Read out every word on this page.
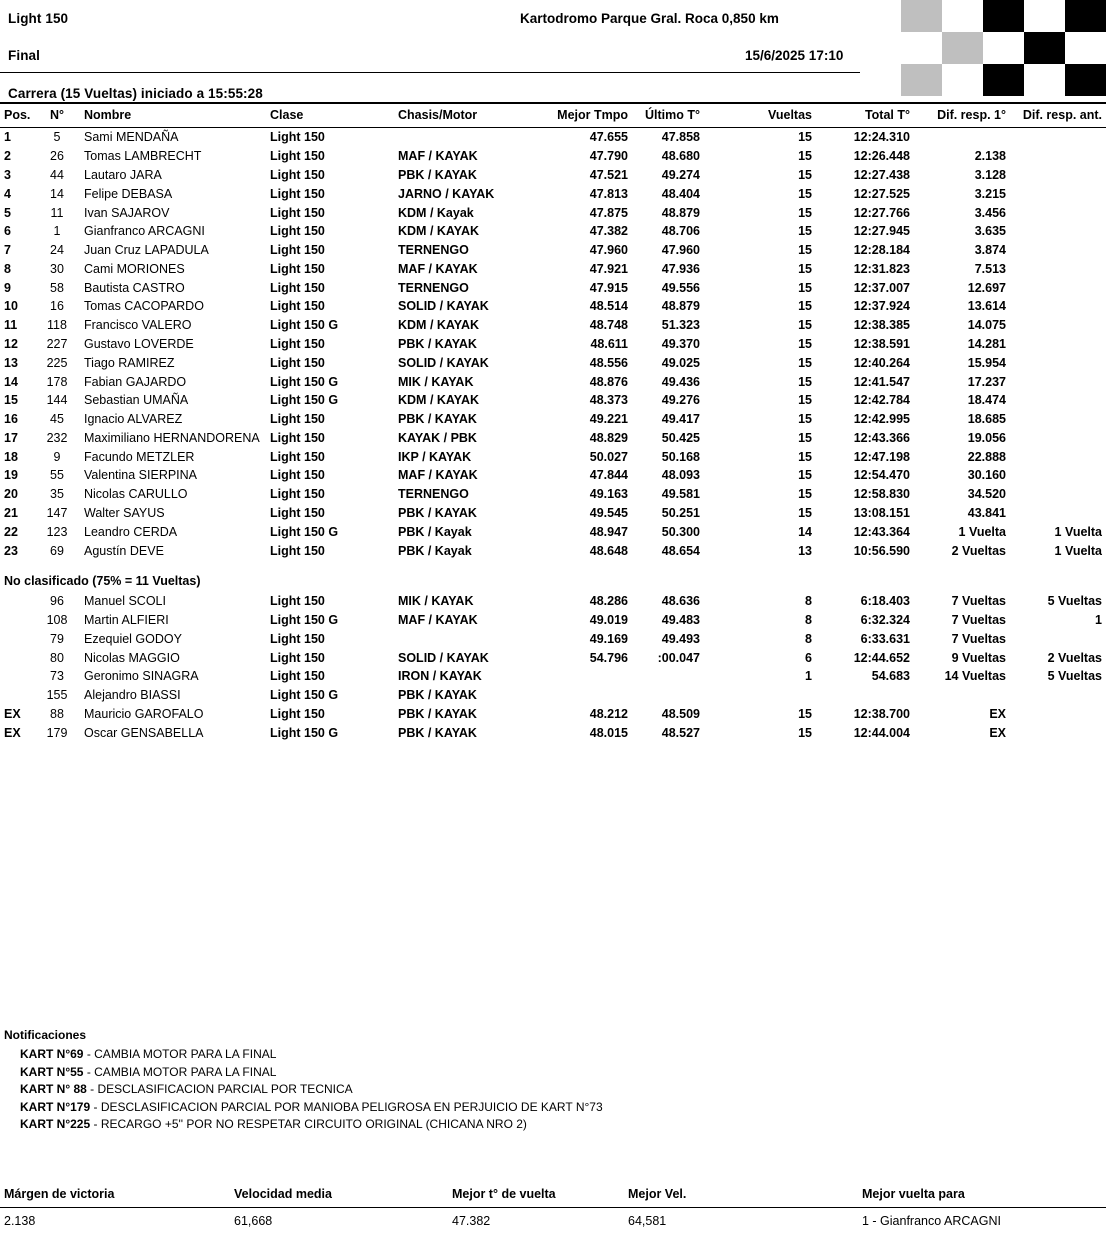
Light 150	Kartodromo Parque Gral. Roca 0,850 km
Final	15/6/2025 17:10
Carrera (15 Vueltas) iniciado a 15:55:28
Pos.	N°	Nombre	Clase	Chasis/Motor	Mejor Tmpo	Último T°	Vueltas	Total T°	Dif. resp. 1°	Dif. resp. ant.
1	5	Sami MENDAÑA	Light 150		47.655	47.858	15	12:24.310		
2	26	Tomas LAMBRECHT	Light 150	MAF / KAYAK	47.790	48.680	15	12:26.448	2.138	
3	44	Lautaro JARA	Light 150	PBK / KAYAK	47.521	49.274	15	12:27.438	3.128	
4	14	Felipe DEBASA	Light 150	JARNO / KAYAK	47.813	48.404	15	12:27.525	3.215	
5	11	Ivan SAJAROV	Light 150	KDM / Kayak	47.875	48.879	15	12:27.766	3.456	
6	1	Gianfranco ARCAGNI	Light 150	KDM / KAYAK	47.382	48.706	15	12:27.945	3.635	
7	24	Juan Cruz LAPADULA	Light 150	TERNENGO	47.960	47.960	15	12:28.184	3.874	
8	30	Cami MORIONES	Light 150	MAF / KAYAK	47.921	47.936	15	12:31.823	7.513	
9	58	Bautista CASTRO	Light 150	TERNENGO	47.915	49.556	15	12:37.007	12.697	
10	16	Tomas CACOPARDO	Light 150	SOLID / KAYAK	48.514	48.879	15	12:37.924	13.614	
11	118	Francisco VALERO	Light 150 G	KDM / KAYAK	48.748	51.323	15	12:38.385	14.075	
12	227	Gustavo LOVERDE	Light 150	PBK / KAYAK	48.611	49.370	15	12:38.591	14.281	
13	225	Tiago RAMIREZ	Light 150	SOLID / KAYAK	48.556	49.025	15	12:40.264	15.954	
14	178	Fabian GAJARDO	Light 150 G	MIK / KAYAK	48.876	49.436	15	12:41.547	17.237	
15	144	Sebastian UMAÑA	Light 150 G	KDM / KAYAK	48.373	49.276	15	12:42.784	18.474	
16	45	Ignacio ALVAREZ	Light 150	PBK / KAYAK	49.221	49.417	15	12:42.995	18.685	
17	232	Maximiliano HERNANDORENA	Light 150	KAYAK / PBK	48.829	50.425	15	12:43.366	19.056	
18	9	Facundo METZLER	Light 150	IKP / KAYAK	50.027	50.168	15	12:47.198	22.888	
19	55	Valentina SIERPINA	Light 150	MAF / KAYAK	47.844	48.093	15	12:54.470	30.160	
20	35	Nicolas CARULLO	Light 150	TERNENGO	49.163	49.581	15	12:58.830	34.520	
21	147	Walter SAYUS	Light 150	PBK / KAYAK	49.545	50.251	15	13:08.151	43.841	
22	123	Leandro CERDA	Light 150 G	PBK / Kayak	48.947	50.300	14	12:43.364	1 Vuelta	1 Vuelta
23	69	Agustín DEVE	Light 150	PBK / Kayak	48.648	48.654	13	10:56.590	2 Vueltas	1 Vuelta
No clasificado (75% = 11 Vueltas)										
	96	Manuel SCOLI	Light 150	MIK / KAYAK	48.286	48.636	8	6:18.403	7 Vueltas	5 Vueltas
	108	Martin ALFIERI	Light 150 G	MAF / KAYAK	49.019	49.483	8	6:32.324	7 Vueltas	1
	79	Ezequiel GODOY	Light 150		49.169	49.493	8	6:33.631	7 Vueltas	
	80	Nicolas MAGGIO	Light 150	SOLID / KAYAK	54.796	:00.047	6	12:44.652	9 Vueltas	2 Vueltas
	73	Geronimo SINAGRA	Light 150	IRON / KAYAK			1	54.683	14 Vueltas	5 Vueltas
	155	Alejandro BIASSI	Light 150 G	PBK / KAYAK						
EX	88	Mauricio GAROFALO	Light 150	PBK / KAYAK	48.212	48.509	15	12:38.700	EX	
EX	179	Oscar GENSABELLA	Light 150 G	PBK / KAYAK	48.015	48.527	15	12:44.004	EX	
Notificaciones
KART N°69 - CAMBIA MOTOR PARA LA FINAL
KART N°55 - CAMBIA MOTOR PARA LA FINAL
KART N° 88 - DESCLASIFICACION PARCIAL POR TECNICA
KART N°179 - DESCLASIFICACION PARCIAL POR MANIOBA PELIGROSA EN PERJUICIO DE KART N°73
KART N°225 - RECARGO +5'' POR NO RESPETAR CIRCUITO ORIGINAL (CHICANA NRO 2)
Márgen de victoria	Velocidad media	Mejor t° de vuelta	Mejor Vel.	Mejor vuelta para
2.138	61,668	47.382	64,581	1 - Gianfranco ARCAGNI
